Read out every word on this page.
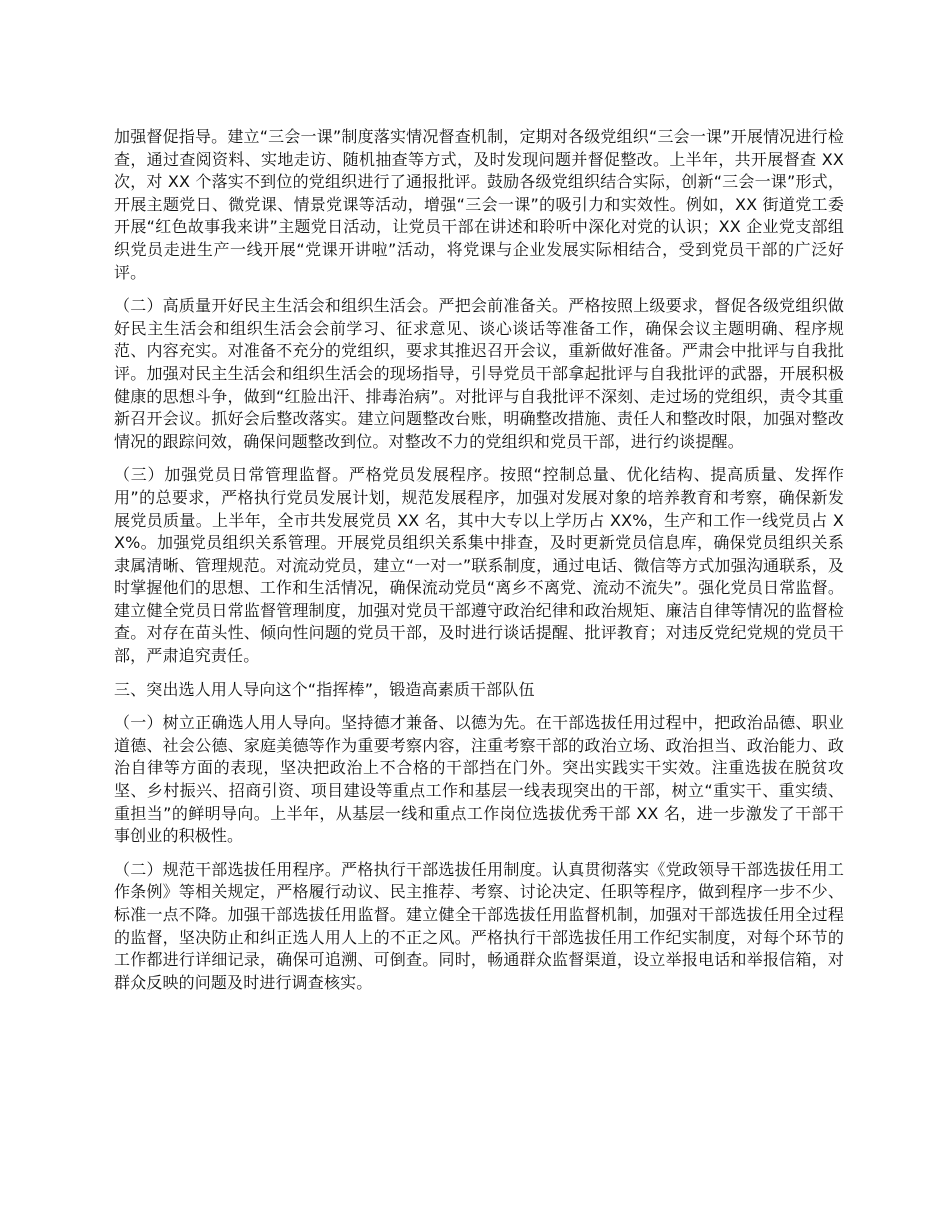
加强督促指导。建立“三会一课”制度落实情况督查机制，定期对各级党组织“三会一课”开展情况进行检查，通过查阅资料、实地走访、随机抽查等方式，及时发现问题并督促整改。上半年，共开展督查 XX 次，对 XX 个落实不到位的党组织进行了通报批评。鼓励各级党组织结合实际，创新“三会一课”形式，开展主题党日、微党课、情景党课等活动，增强“三会一课”的吸引力和实效性。例如，XX 街道党工委开展“红色故事我来讲”主题党日活动，让党员干部在讲述和聆听中深化对党的认识；XX 企业党支部组织党员走进生产一线开展“党课开讲啦”活动，将党课与企业发展实际相结合，受到党员干部的广泛好评。

（二）高质量开好民主生活会和组织生活会。严把会前准备关。严格按照上级要求，督促各级党组织做好民主生活会和组织生活会会前学习、征求意见、谈心谈话等准备工作，确保会议主题明确、程序规范、内容充实。对准备不充分的党组织，要求其推迟召开会议，重新做好准备。严肃会中批评与自我批评。加强对民主生活会和组织生活会的现场指导，引导党员干部拿起批评与自我批评的武器，开展积极健康的思想斗争，做到“红脸出汗、排毒治病”。对批评与自我批评不深刻、走过场的党组织，责令其重新召开会议。抓好会后整改落实。建立问题整改台账，明确整改措施、责任人和整改时限，加强对整改情况的跟踪问效，确保问题整改到位。对整改不力的党组织和党员干部，进行约谈提醒。

（三）加强党员日常管理监督。严格党员发展程序。按照“控制总量、优化结构、提高质量、发挥作用”的总要求，严格执行党员发展计划，规范发展程序，加强对发展对象的培养教育和考察，确保新发展党员质量。上半年，全市共发展党员 XX 名，其中大专以上学历占 XX%，生产和工作一线党员占 XX%。加强党员组织关系管理。开展党员组织关系集中排查，及时更新党员信息库，确保党员组织关系隶属清晰、管理规范。对流动党员，建立“一对一”联系制度，通过电话、微信等方式加强沟通联系，及时掌握他们的思想、工作和生活情况，确保流动党员“离乡不离党、流动不流失”。强化党员日常监督。建立健全党员日常监督管理制度，加强对党员干部遵守政治纪律和政治规矩、廉洁自律等情况的监督检查。对存在苗头性、倾向性问题的党员干部，及时进行谈话提醒、批评教育；对违反党纪党规的党员干部，严肃追究责任。

三、突出选人用人导向这个“指挥棒”，锻造高素质干部队伍

（一）树立正确选人用人导向。坚持德才兼备、以德为先。在干部选拔任用过程中，把政治品德、职业道德、社会公德、家庭美德等作为重要考察内容，注重考察干部的政治立场、政治担当、政治能力、政治自律等方面的表现，坚决把政治上不合格的干部挡在门外。突出实践实干实效。注重选拔在脱贫攻坚、乡村振兴、招商引资、项目建设等重点工作和基层一线表现突出的干部，树立“重实干、重实绩、重担当”的鲜明导向。上半年，从基层一线和重点工作岗位选拔优秀干部 XX 名，进一步激发了干部干事创业的积极性。

（二）规范干部选拔任用程序。严格执行干部选拔任用制度。认真贯彻落实《党政领导干部选拔任用工作条例》等相关规定，严格履行动议、民主推荐、考察、讨论决定、任职等程序，做到程序一步不少、标准一点不降。加强干部选拔任用监督。建立健全干部选拔任用监督机制，加强对干部选拔任用全过程的监督，坚决防止和纠正选人用人上的不正之风。严格执行干部选拔任用工作纪实制度，对每个环节的工作都进行详细记录，确保可追溯、可倒查。同时，畅通群众监督渠道，设立举报电话和举报信箱，对群众反映的问题及时进行调查核实。
